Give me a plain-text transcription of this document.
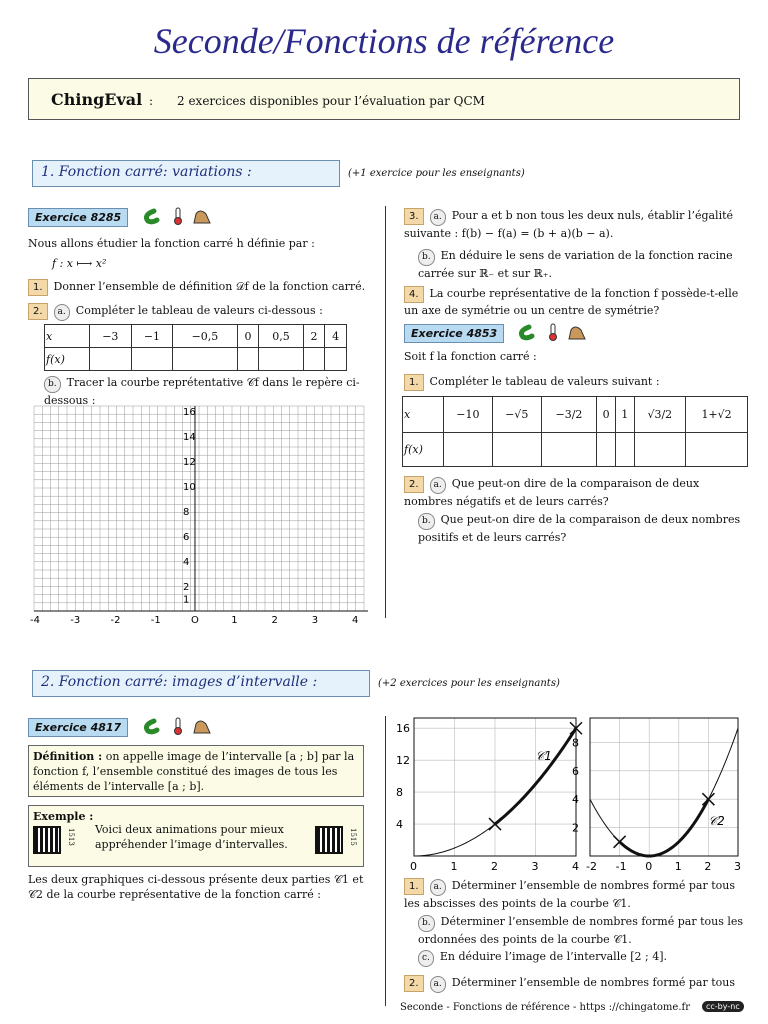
Seconde/Fonctions de référence
ChingEval : 2 exercices disponibles pour l’évaluation par QCM
1. Fonction carré: variations :	(+1 exercice pour les enseignants)
Exercice 8285
Nous allons étudier la fonction carré h définie par :
f : x ⟼ x²
1. Donner l’ensemble de définition 𝒟f de la fonction carré.
2. a. Compléter le tableau de valeurs ci-dessous :
x	−3	−1	−0,5	0	0,5	2	4
f(x)							
b. Tracer la courbe reprétentative 𝒞f dans le repère ci-dessous :
16
14
12
10
8
6
4
2
1
-4	-3	-2	-1	O	1	2	3	4
3. a. Pour a et b non tous les deux nuls, établir l’égalité suivante : f(b) − f(a) = (b + a)(b − a).
b. En déduire le sens de variation de la fonction racine carrée sur ℝ₋ et sur ℝ₊.
4. La courbe représentative de la fonction f possède-t-elle un axe de symétrie ou un centre de symétrie?
Exercice 4853
Soit f la fonction carré :
1. Compléter le tableau de valeurs suivant :
x	−10	−√5	−3/2	0	1	√3/2	1+√2
f(x)							
2. a. Que peut-on dire de la comparaison de deux nombres négatifs et de leurs carrés?
b. Que peut-on dire de la comparaison de deux nombres positifs et de leurs carrés?
2. Fonction carré: images d’intervalle :	(+2 exercices pour les enseignants)
Exercice 4817
Définition : on appelle image de l’intervalle [a ; b] par la fonction f, l’ensemble constitué des images de tous les éléments de l’intervalle [a ; b].
Exemple :
1513 Voici deux animations pour mieux appréhender l’image d’intervalles.	1515
Les deux graphiques ci-dessous présente deux parties 𝒞1 et 𝒞2 de la courbe représentative de la fonction carré :
0	1	2	3	4
4
8
12
16
𝒞1
-2 -1 0 1 2 3
2
4
6
8
𝒞2
1. a. Déterminer l’ensemble de nombres formé par tous les abscisses des points de la courbe 𝒞1.
b. Déterminer l’ensemble de nombres formé par tous les ordonnées des points de la courbe 𝒞1.
c. En déduire l’image de l’intervalle [2 ; 4].
2. a. Déterminer l’ensemble de nombres formé par tous
Seconde - Fonctions de référence - https ://chingatome.fr	cc-by-nc
